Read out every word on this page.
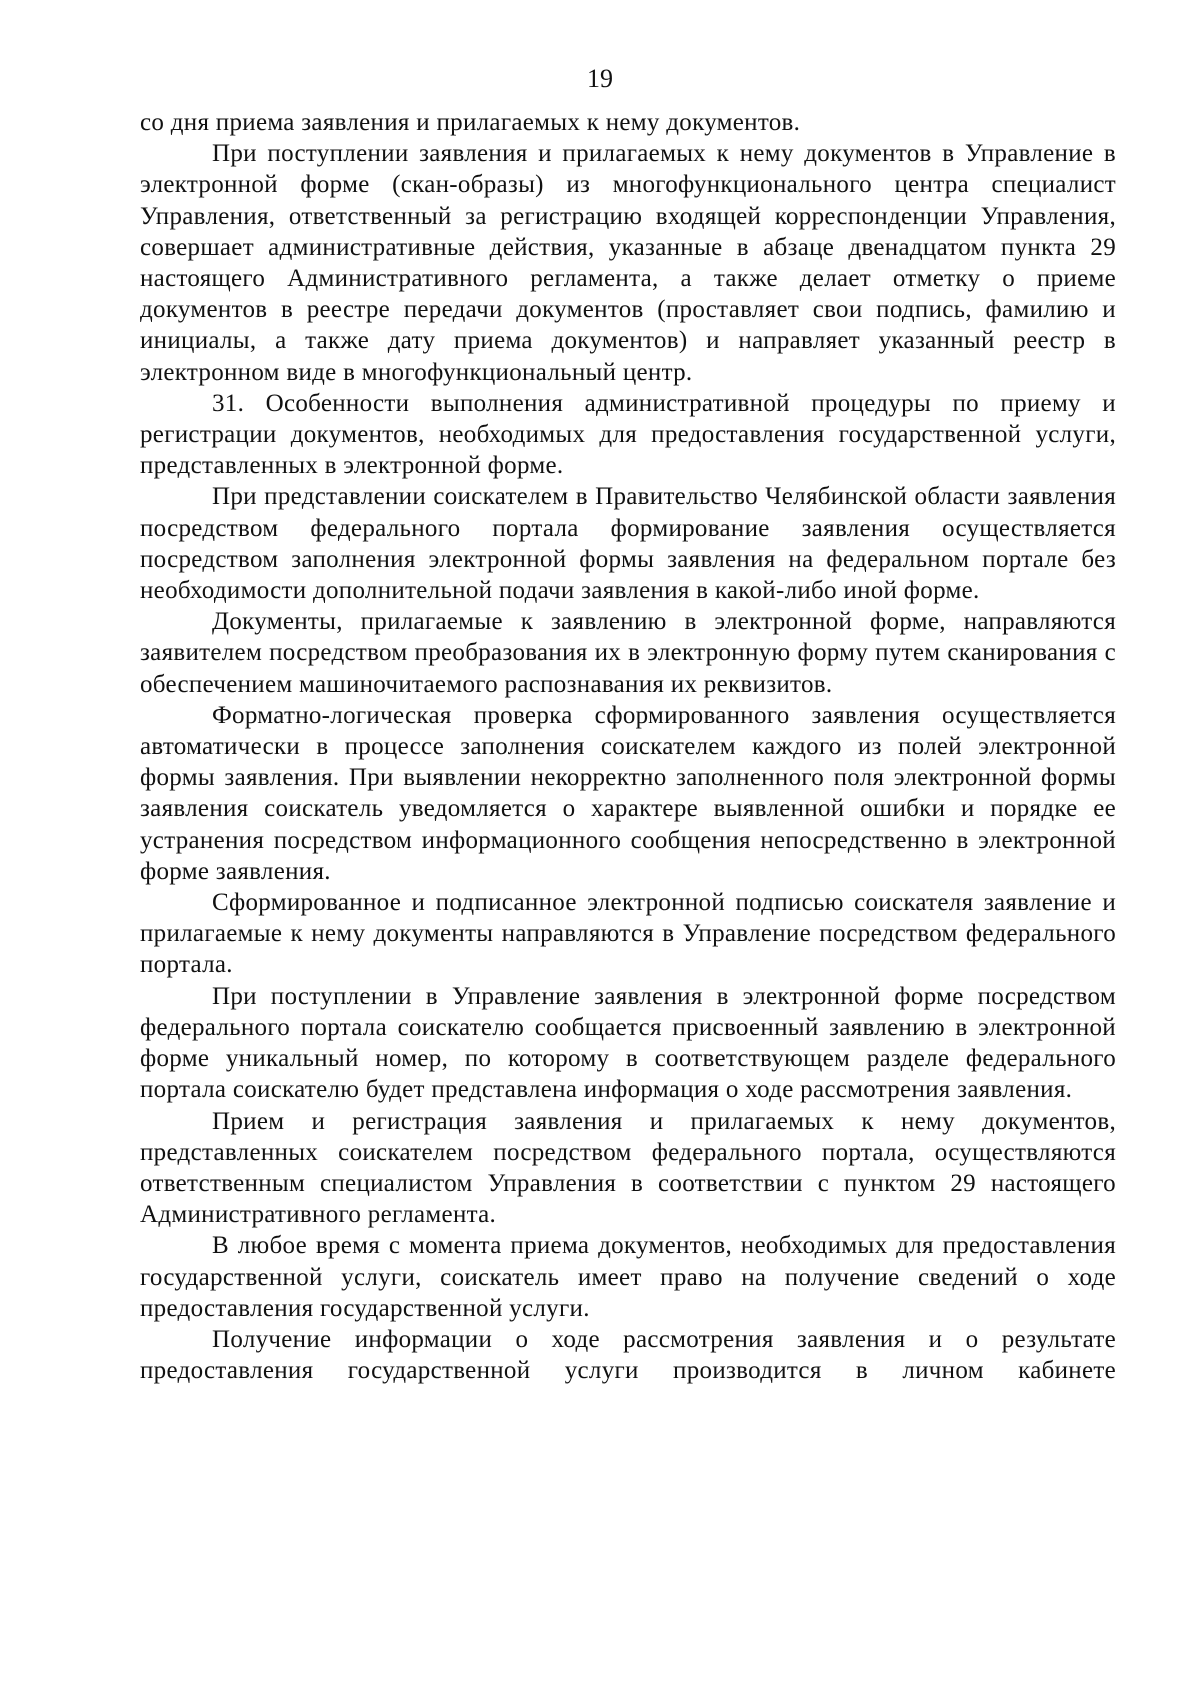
19

со дня приема заявления и прилагаемых к нему документов.

При поступлении заявления и прилагаемых к нему документов в Управление в электронной форме (скан-образы) из многофункционального центра специалист Управления, ответственный за регистрацию входящей корреспонденции Управления, совершает административные действия, указанные в абзаце двенадцатом пункта 29 настоящего Административного регламента, а также делает отметку о приеме документов в реестре передачи документов (проставляет свои подпись, фамилию и инициалы, а также дату приема документов) и направляет указанный реестр в электронном виде в многофункциональный центр.

31. Особенности выполнения административной процедуры по приему и регистрации документов, необходимых для предоставления государственной услуги, представленных в электронной форме.

При представлении соискателем в Правительство Челябинской области заявления посредством федерального портала формирование заявления осуществляется посредством заполнения электронной формы заявления на федеральном портале без необходимости дополнительной подачи заявления в какой-либо иной форме.

Документы, прилагаемые к заявлению в электронной форме, направляются заявителем посредством преобразования их в электронную форму путем сканирования с обеспечением машиночитаемого распознавания их реквизитов.

Форматно-логическая проверка сформированного заявления осуществляется автоматически в процессе заполнения соискателем каждого из полей электронной формы заявления. При выявлении некорректно заполненного поля электронной формы заявления соискатель уведомляется о характере выявленной ошибки и порядке ее устранения посредством информационного сообщения непосредственно в электронной форме заявления.

Сформированное и подписанное электронной подписью соискателя заявление и прилагаемые к нему документы направляются в Управление посредством федерального портала.

При поступлении в Управление заявления в электронной форме посредством федерального портала соискателю сообщается присвоенный заявлению в электронной форме уникальный номер, по которому в соответствующем разделе федерального портала соискателю будет представлена информация о ходе рассмотрения заявления.

Прием и регистрация заявления и прилагаемых к нему документов, представленных соискателем посредством федерального портала, осуществляются ответственным специалистом Управления в соответствии с пунктом 29 настоящего Административного регламента.

В любое время с момента приема документов, необходимых для предоставления государственной услуги, соискатель имеет право на получение сведений о ходе предоставления государственной услуги.

Получение информации о ходе рассмотрения заявления и о результате предоставления государственной услуги производится в личном кабинете
